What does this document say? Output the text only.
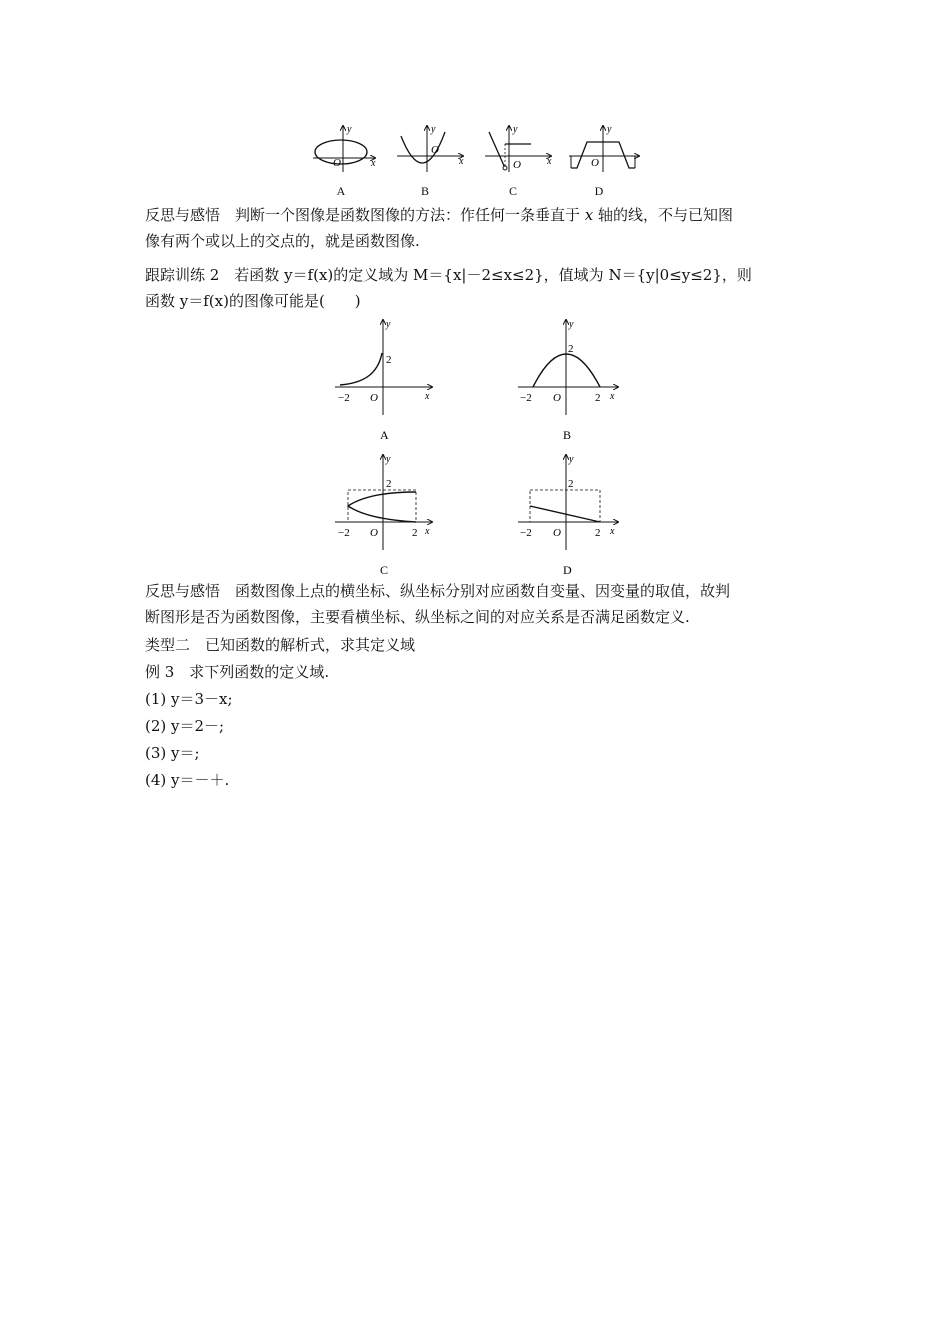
O
y
x
O
y
x	O
y
x	O
y
A	B	C	D
反思与感悟　判断一个图像是函数图像的方法：作任何一条垂直于 x 轴的线，不与已知图
像有两个或以上的交点的，就是函数图像.
跟踪训练 2　若函数 y＝f(x)的定义域为 M＝{x|－2≤x≤2}，值域为 N＝{y|0≤y≤2}，则
函数 y＝f(x)的图像可能是(　　)
y
2
−2 O	x
A
y
2
−2 O	2 x
B
y
2
−2 O	2 x
C
y
2
−2 O	2 x
D
反思与感悟　函数图像上点的横坐标、纵坐标分别对应函数自变量、因变量的取值，故判
断图形是否为函数图像，主要看横坐标、纵坐标之间的对应关系是否满足函数定义.
类型二　已知函数的解析式，求其定义域
例 3　求下列函数的定义域.
(1) y＝3－x;
(2) y＝2－;
(3) y＝;
(4) y＝－＋.
